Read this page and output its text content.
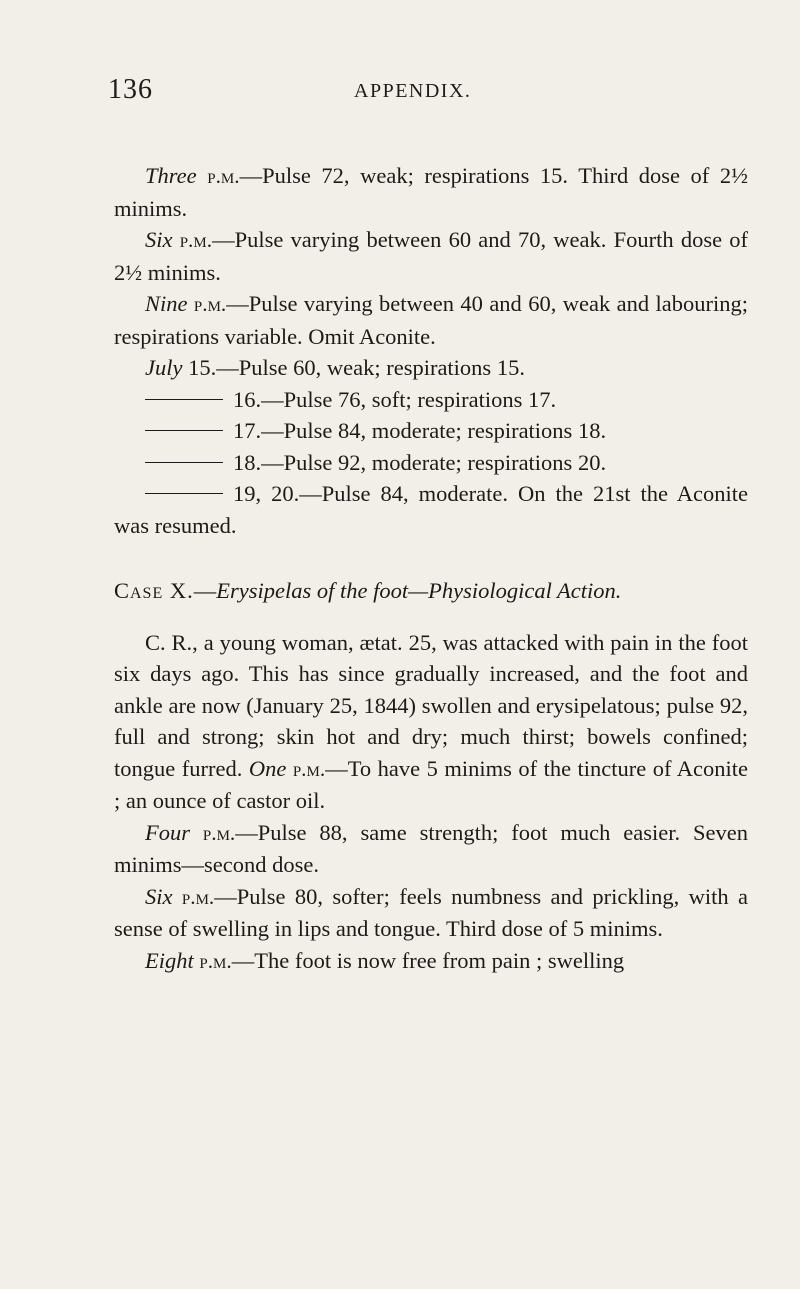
136	APPENDIX.

Three p.m.—Pulse 72, weak; respirations 15. Third dose of 2½ minims.

Six p.m.—Pulse varying between 60 and 70, weak. Fourth dose of 2½ minims.

Nine p.m.—Pulse varying between 40 and 60, weak and labouring; respirations variable. Omit Aconite.

July 15.—Pulse 60, weak; respirations 15.

16.—Pulse 76, soft; respirations 17.

17.—Pulse 84, moderate; respirations 18.

18.—Pulse 92, moderate; respirations 20.

19, 20.—Pulse 84, moderate. On the 21st the Aconite was resumed.

Case X.—Erysipelas of the foot—Physiological Action.

C. R., a young woman, ætat. 25, was attacked with pain in the foot six days ago. This has since gradually increased, and the foot and ankle are now (January 25, 1844) swollen and erysipelatous; pulse 92, full and strong; skin hot and dry; much thirst; bowels confined; tongue furred. One p.m.—To have 5 minims of the tincture of Aconite ; an ounce of castor oil.

Four p.m.—Pulse 88, same strength; foot much easier. Seven minims—second dose.

Six p.m.—Pulse 80, softer; feels numbness and prickling, with a sense of swelling in lips and tongue. Third dose of 5 minims.

Eight p.m.—The foot is now free from pain ; swelling
